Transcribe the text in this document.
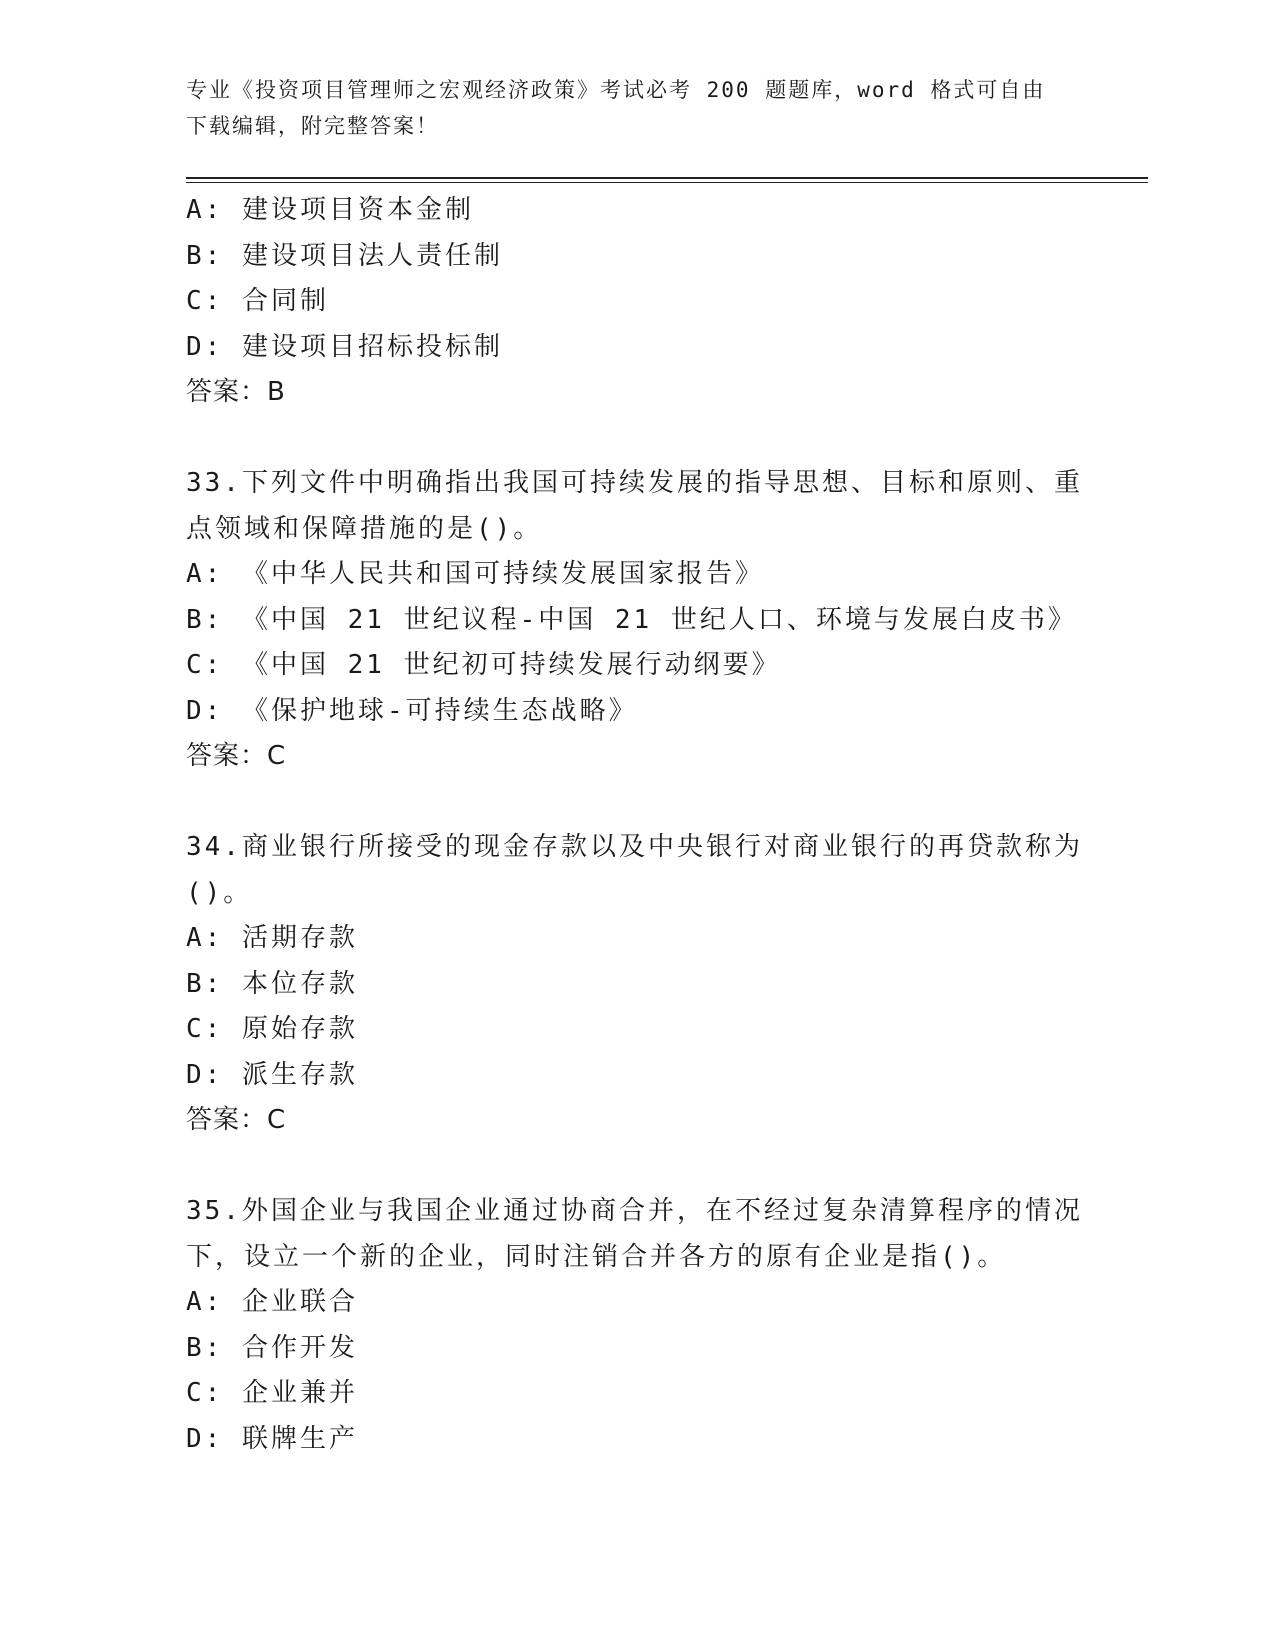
专业《投资项目管理师之宏观经济政策》考试必考 200 题题库，word 格式可自由
下载编辑，附完整答案！
A: 建设项目资本金制
B: 建设项目法人责任制
C: 合同制
D: 建设项目招标投标制
答案：B
33.下列文件中明确指出我国可持续发展的指导思想、目标和原则、重
点领域和保障措施的是()。
A: 《中华人民共和国可持续发展国家报告》
B: 《中国 21 世纪议程-中国 21 世纪人口、环境与发展白皮书》
C: 《中国 21 世纪初可持续发展行动纲要》
D: 《保护地球-可持续生态战略》
答案：C
34.商业银行所接受的现金存款以及中央银行对商业银行的再贷款称为
()。
A: 活期存款
B: 本位存款
C: 原始存款
D: 派生存款
答案：C
35.外国企业与我国企业通过协商合并，在不经过复杂清算程序的情况
下，设立一个新的企业，同时注销合并各方的原有企业是指()。
A: 企业联合
B: 合作开发
C: 企业兼并
D: 联牌生产
